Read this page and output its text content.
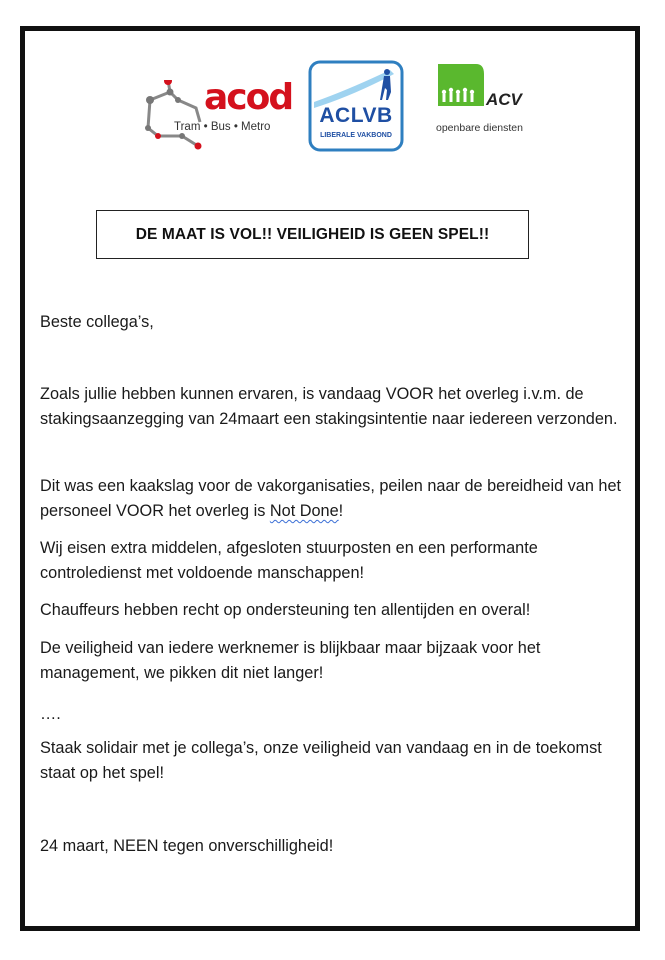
acod
Tram • Bus • Metro	ACLVB
LIBERALE VAKBOND
ACV
openbare diensten
DE MAAT IS VOL!! VEILIGHEID IS GEEN SPEL!!

Beste collega’s,

Zoals jullie hebben kunnen ervaren, is vandaag VOOR het overleg i.v.m. de stakingsaanzegging van 24maart een stakingsintentie naar iedereen verzonden.

Dit was een kaakslag voor de vakorganisaties, peilen naar de bereidheid van het personeel VOOR het overleg is Not Done!

Wij eisen extra middelen, afgesloten stuurposten en een performante controledienst met voldoende manschappen!

Chauffeurs hebben recht op ondersteuning ten allentijden en overal!

De veiligheid van iedere werknemer is blijkbaar maar bijzaak voor het management, we pikken dit niet langer!

….

Staak solidair met je collega’s, onze veiligheid van vandaag en in de toekomst staat op het spel!

24 maart, NEEN tegen onverschilligheid!
